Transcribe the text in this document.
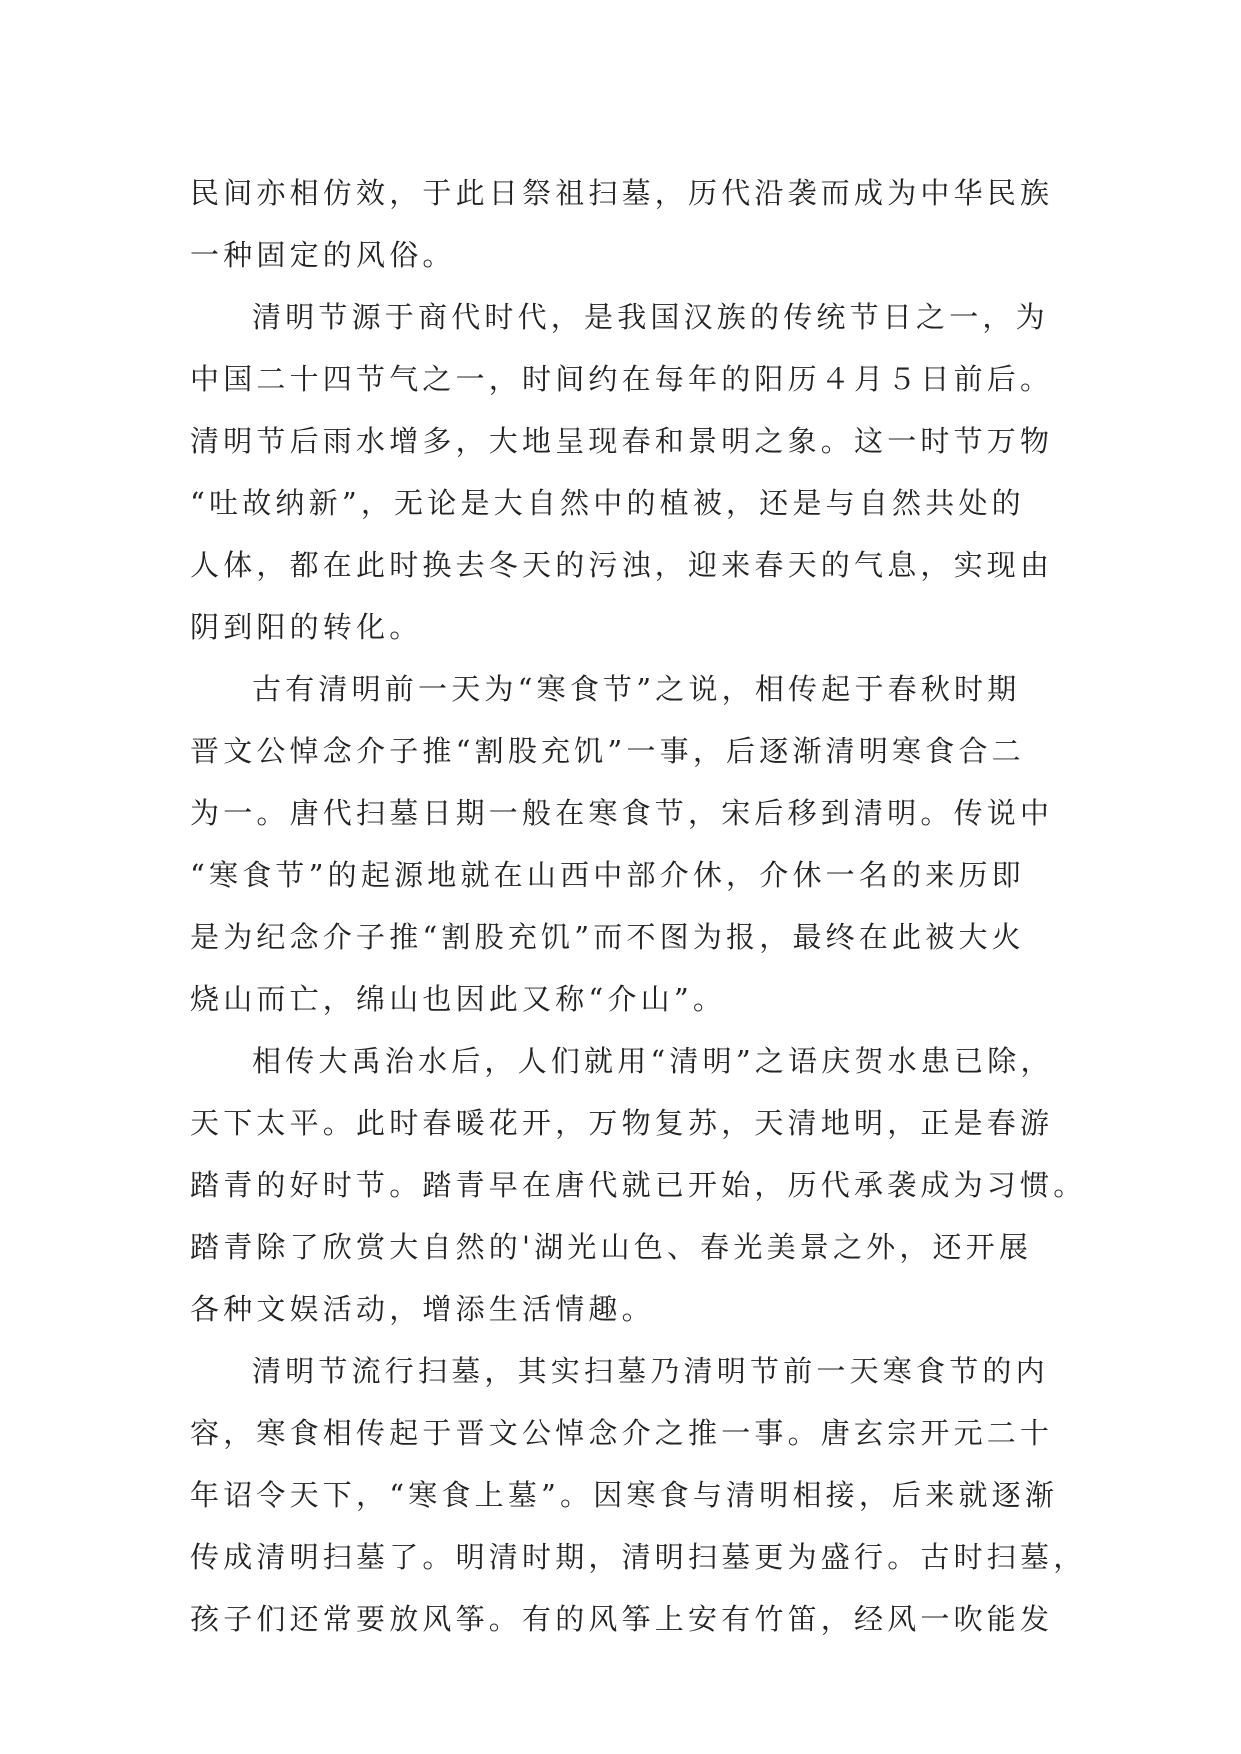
民间亦相仿效，于此日祭祖扫墓，历代沿袭而成为中华民族
一种固定的风俗。
清明节源于商代时代，是我国汉族的传统节日之一，为
中国二十四节气之一，时间约在每年的阳历４月５日前后。
清明节后雨水增多，大地呈现春和景明之象。这一时节万物
“吐故纳新”，无论是大自然中的植被，还是与自然共处的
人体，都在此时换去冬天的污浊，迎来春天的气息，实现由
阴到阳的转化。
古有清明前一天为“寒食节”之说，相传起于春秋时期
晋文公悼念介子推“割股充饥”一事，后逐渐清明寒食合二
为一。唐代扫墓日期一般在寒食节，宋后移到清明。传说中
“寒食节”的起源地就在山西中部介休，介休一名的来历即
是为纪念介子推“割股充饥”而不图为报，最终在此被大火
烧山而亡，绵山也因此又称“介山”。
相传大禹治水后，人们就用“清明”之语庆贺水患已除，
天下太平。此时春暖花开，万物复苏，天清地明，正是春游
踏青的好时节。踏青早在唐代就已开始，历代承袭成为习惯。
踏青除了欣赏大自然的'湖光山色、春光美景之外，还开展
各种文娱活动，增添生活情趣。
清明节流行扫墓，其实扫墓乃清明节前一天寒食节的内
容，寒食相传起于晋文公悼念介之推一事。唐玄宗开元二十
年诏令天下，“寒食上墓”。因寒食与清明相接，后来就逐渐
传成清明扫墓了。明清时期，清明扫墓更为盛行。古时扫墓，
孩子们还常要放风筝。有的风筝上安有竹笛，经风一吹能发
